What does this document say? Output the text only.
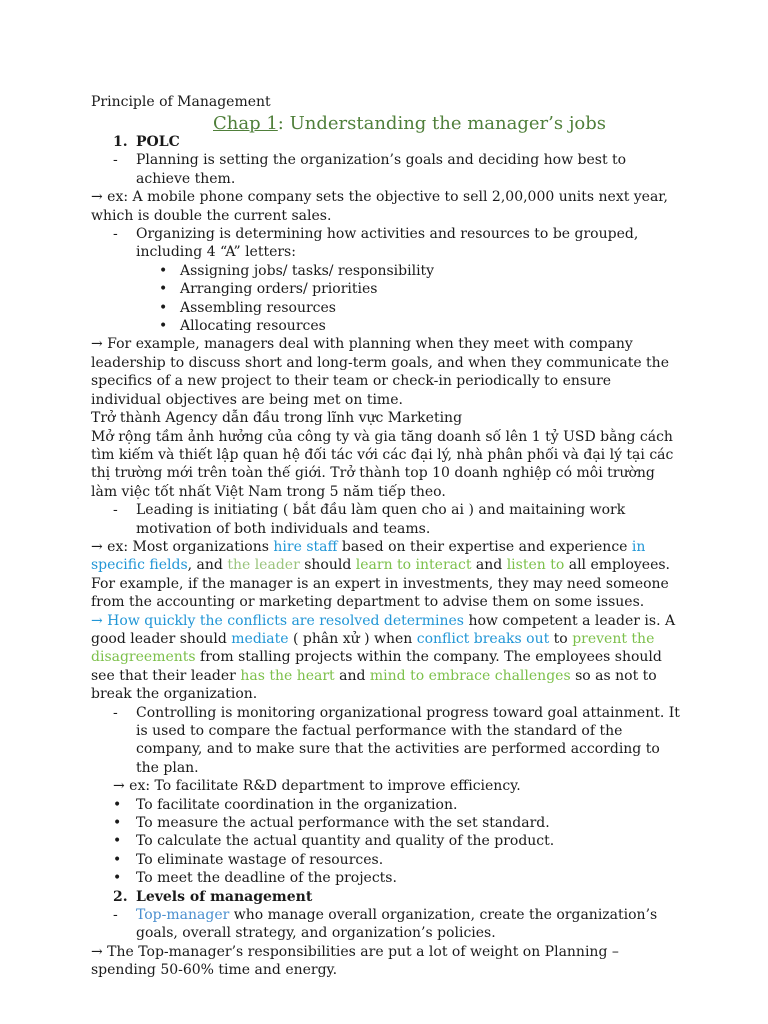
Principle of Management
Chap 1: Understanding the manager’s jobs
1. POLC
-	Planning is setting the organization’s goals and deciding how best to achieve them.

→ ex: A mobile phone company sets the objective to sell 2,00,000 units next year, which is double the current sales.

-	Organizing is determining how activities and resources to be grouped, including 4 “A” letters:
• Assigning jobs/ tasks/ responsibility
• Arranging orders/ priorities
• Assembling resources
• Allocating resources

→ For example, managers deal with planning when they meet with company leadership to discuss short and long-term goals, and when they communicate the specifics of a new project to their team or check-in periodically to ensure individual objectives are being met on time.

Trở thành Agency dẫn đầu trong lĩnh vực Marketing

Mở rộng tầm ảnh hưởng của công ty và gia tăng doanh số lên 1 tỷ USD bằng cách tìm kiếm và thiết lập quan hệ đối tác với các đại lý, nhà phân phối và đại lý tại các thị trường mới trên toàn thế giới. Trở thành top 10 doanh nghiệp có môi trường làm việc tốt nhất Việt Nam trong 5 năm tiếp theo.

-	Leading is initiating ( bắt đầu làm quen cho ai ) and maitaining work motivation of both individuals and teams.

→ ex: Most organizations hire staff based on their expertise and experience in specific fields, and the leader should learn to interact and listen to all employees. For example, if the manager is an expert in investments, they may need someone from the accounting or marketing department to advise them on some issues.

→ How quickly the conflicts are resolved determines how competent a leader is. A good leader should mediate ( phân xử ) when conflict breaks out to prevent the disagreements from stalling projects within the company. The employees should see that their leader has the heart and mind to embrace challenges so as not to break the organization.

-	Controlling is monitoring organizational progress toward goal attainment. It is used to compare the factual performance with the standard of the company, and to make sure that the activities are performed according to the plan.

→ ex: To facilitate R&D department to improve efficiency.

•	To facilitate coordination in the organization.
•	To measure the actual performance with the set standard.
•	To calculate the actual quantity and quality of the product.
•	To eliminate wastage of resources.
•	To meet the deadline of the projects.
2. Levels of management
-	Top-manager who manage overall organization, create the organization’s goals, overall strategy, and organization’s policies.

→ The Top-manager’s responsibilities are put a lot of weight on Planning – spending 50-60% time and energy.
